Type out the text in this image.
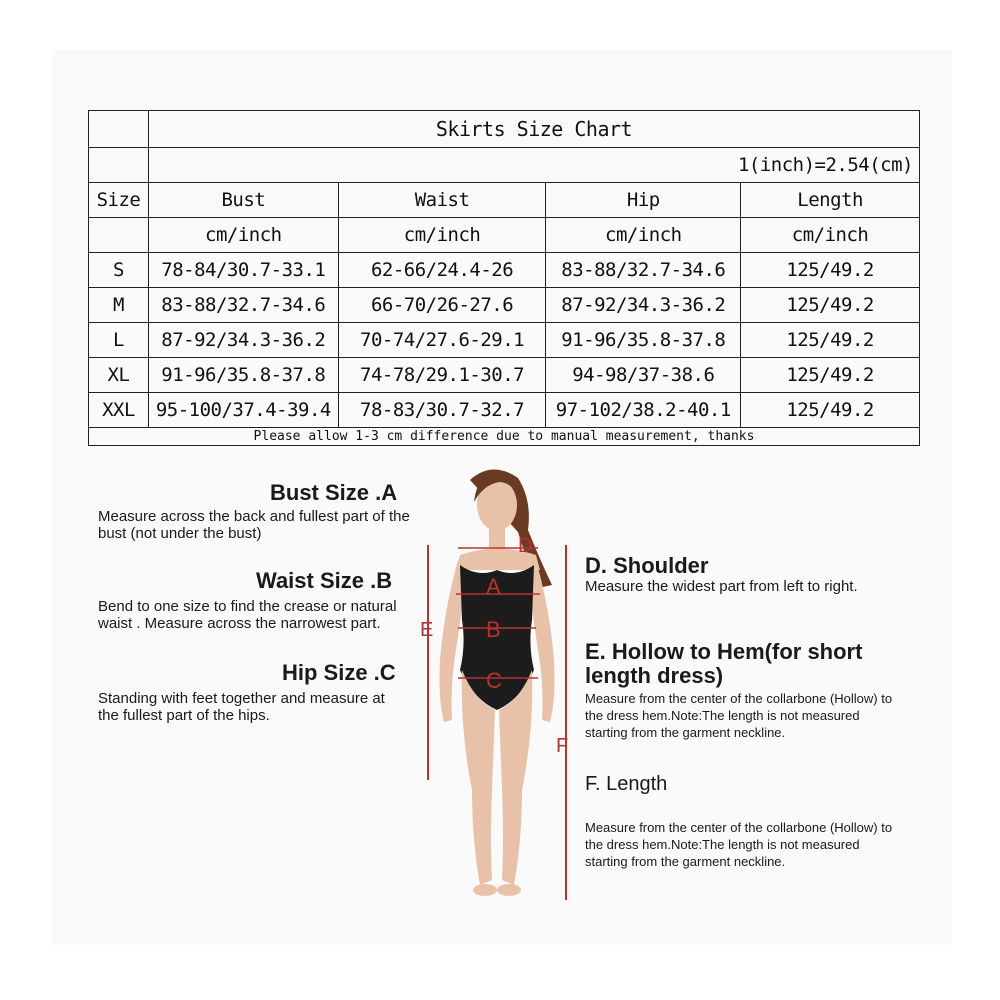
	Skirts Size Chart			
	1(inch)=2.54(cm)			
Size	Bust	Waist	Hip	Length
	cm/inch	cm/inch	cm/inch	cm/inch
S	78-84/30.7-33.1	62-66/24.4-26	83-88/32.7-34.6	125/49.2
M	83-88/32.7-34.6	66-70/26-27.6	87-92/34.3-36.2	125/49.2
L	87-92/34.3-36.2	70-74/27.6-29.1	91-96/35.8-37.8	125/49.2
XL	91-96/35.8-37.8	74-78/29.1-30.7	94-98/37-38.6	125/49.2
XXL	95-100/37.4-39.4	78-83/30.7-32.7	97-102/38.2-40.1	125/49.2
Please allow 1-3 cm difference due to manual measurement, thanks				
Bust Size .A
Measure across the back and fullest part of the bust (not under the bust)
Waist Size .B
Bend to one size to find the crease or natural waist . Measure across the narrowest part.
Hip Size .C
Standing with feet together and measure at the fullest part of the hips.
D. Shoulder
Measure the widest part from left to right.
E. Hollow to Hem(for short length dress)
Measure from the center of the collarbone (Hollow) to the dress hem.Note:The length is not measured starting from the garment neckline.
F. Length
Measure from the center of the collarbone (Hollow) to the dress hem.Note:The length is not measured starting from the garment neckline.
A
B
C
D
E
F
